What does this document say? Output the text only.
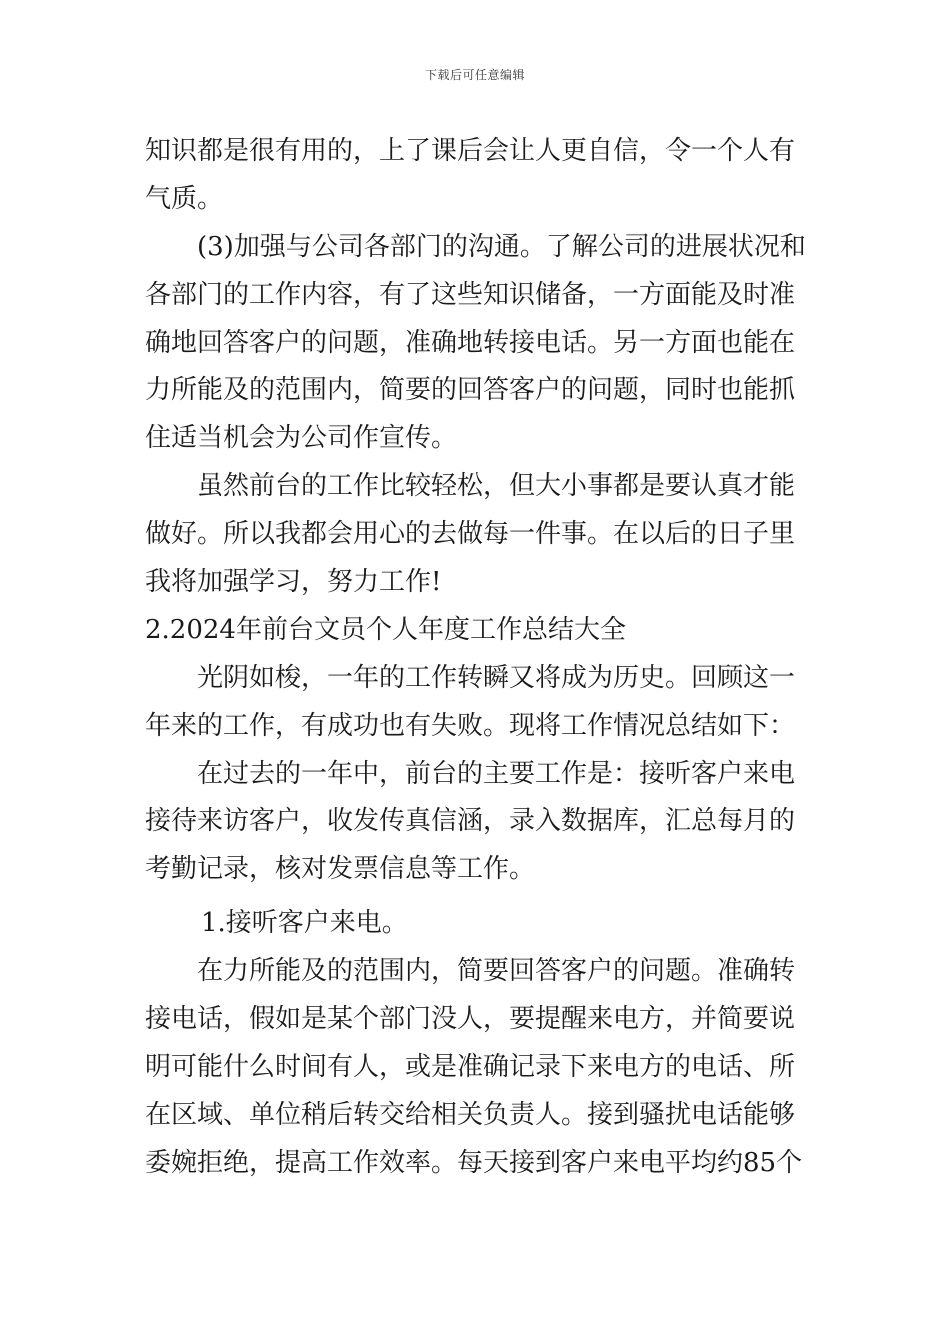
下载后可任意编辑
知识都是很有用的，上了课后会让人更自信，令一个人有
气质。
(3)加强与公司各部门的沟通。了解公司的进展状况和
各部门的工作内容，有了这些知识储备，一方面能及时准
确地回答客户的问题，准确地转接电话。另一方面也能在
力所能及的范围内，简要的回答客户的问题，同时也能抓
住适当机会为公司作宣传。
虽然前台的工作比较轻松，但大小事都是要认真才能
做好。所以我都会用心的去做每一件事。在以后的日子里
我将加强学习，努力工作!
2.2024年前台文员个人年度工作总结大全
光阴如梭，一年的工作转瞬又将成为历史。回顾这一
年来的工作，有成功也有失败。现将工作情况总结如下：
在过去的一年中，前台的主要工作是：接听客户来电
接待来访客户，收发传真信涵，录入数据库，汇总每月的
考勤记录，核对发票信息等工作。
1.接听客户来电。
在力所能及的范围内，简要回答客户的问题。准确转
接电话，假如是某个部门没人，要提醒来电方，并简要说
明可能什么时间有人，或是准确记录下来电方的电话、所
在区域、单位稍后转交给相关负责人。接到骚扰电话能够
委婉拒绝，提高工作效率。每天接到客户来电平均约85个
